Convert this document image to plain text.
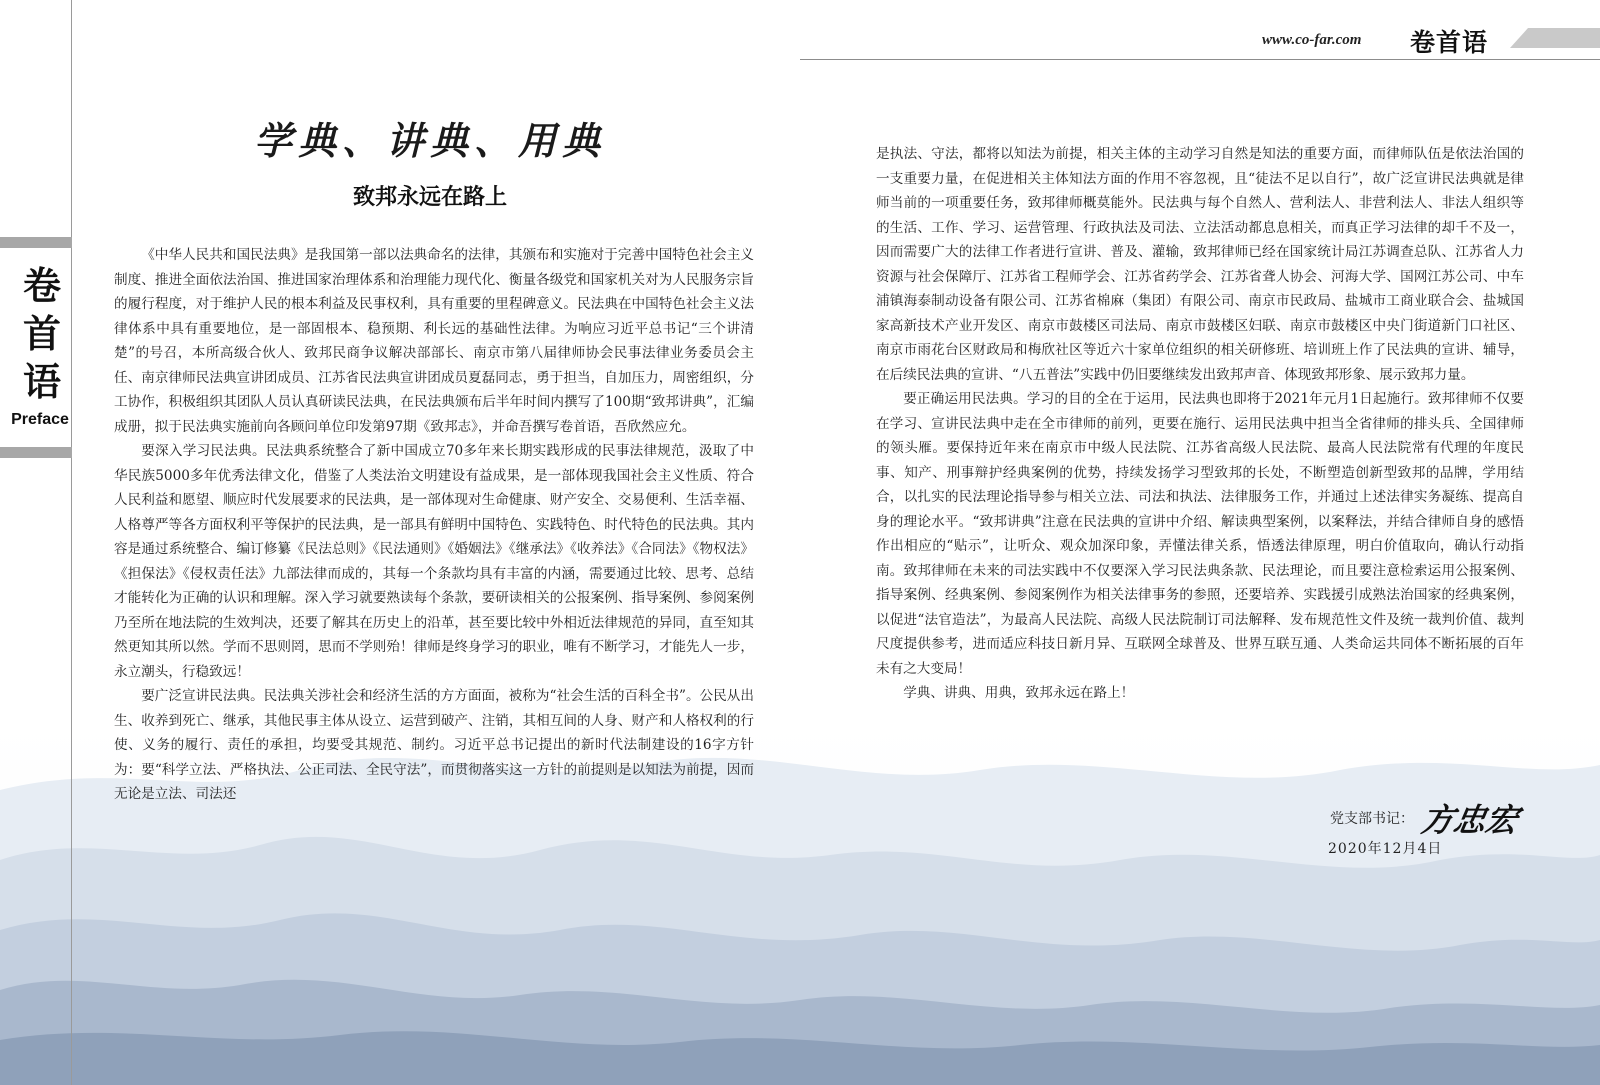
卷
首
语
Preface
www.co-far.com 卷首语
学典、讲典、用典
致邦永远在路上

《中华人民共和国民法典》是我国第一部以法典命名的法律，其颁布和实施对于完善中国特色社会主义制度、推进全面依法治国、推进国家治理体系和治理能力现代化、衡量各级党和国家机关对为人民服务宗旨的履行程度，对于维护人民的根本利益及民事权利，具有重要的里程碑意义。民法典在中国特色社会主义法律体系中具有重要地位，是一部固根本、稳预期、利长远的基础性法律。为响应习近平总书记“三个讲清楚”的号召，本所高级合伙人、致邦民商争议解决部部长、南京市第八届律师协会民事法律业务委员会主任、南京律师民法典宣讲团成员、江苏省民法典宣讲团成员夏磊同志，勇于担当，自加压力，周密组织，分工协作，积极组织其团队人员认真研读民法典，在民法典颁布后半年时间内撰写了100期“致邦讲典”，汇编成册，拟于民法典实施前向各顾问单位印发第97期《致邦志》，并命吾撰写卷首语，吾欣然应允。

要深入学习民法典。民法典系统整合了新中国成立70多年来长期实践形成的民事法律规范，汲取了中华民族5000多年优秀法律文化，借鉴了人类法治文明建设有益成果，是一部体现我国社会主义性质、符合人民利益和愿望、顺应时代发展要求的民法典，是一部体现对生命健康、财产安全、交易便利、生活幸福、人格尊严等各方面权利平等保护的民法典，是一部具有鲜明中国特色、实践特色、时代特色的民法典。其内容是通过系统整合、编订修纂《民法总则》《民法通则》《婚姻法》《继承法》《收养法》《合同法》《物权法》《担保法》《侵权责任法》九部法律而成的，其每一个条款均具有丰富的内涵，需要通过比较、思考、总结才能转化为正确的认识和理解。深入学习就要熟读每个条款，要研读相关的公报案例、指导案例、参阅案例乃至所在地法院的生效判决，还要了解其在历史上的沿革，甚至要比较中外相近法律规范的异同，直至知其然更知其所以然。学而不思则罔，思而不学则殆！律师是终身学习的职业，唯有不断学习，才能先人一步，永立潮头，行稳致远！

要广泛宣讲民法典。民法典关涉社会和经济生活的方方面面，被称为“社会生活的百科全书”。公民从出生、收养到死亡、继承，其他民事主体从设立、运营到破产、注销，其相互间的人身、财产和人格权利的行使、义务的履行、责任的承担，均要受其规范、制约。习近平总书记提出的新时代法制建设的16字方针为：要“科学立法、严格执法、公正司法、全民守法”，而贯彻落实这一方针的前提则是以知法为前提，因而无论是立法、司法还

是执法、守法，都将以知法为前提，相关主体的主动学习自然是知法的重要方面，而律师队伍是依法治国的一支重要力量，在促进相关主体知法方面的作用不容忽视，且“徒法不足以自行”，故广泛宣讲民法典就是律师当前的一项重要任务，致邦律师概莫能外。民法典与每个自然人、营利法人、非营利法人、非法人组织等的生活、工作、学习、运营管理、行政执法及司法、立法活动都息息相关，而真正学习法律的却千不及一，因而需要广大的法律工作者进行宣讲、普及、灌输，致邦律师已经在国家统计局江苏调查总队、江苏省人力资源与社会保障厅、江苏省工程师学会、江苏省药学会、江苏省聋人协会、河海大学、国网江苏公司、中车浦镇海泰制动设备有限公司、江苏省棉麻（集团）有限公司、南京市民政局、盐城市工商业联合会、盐城国家高新技术产业开发区、南京市鼓楼区司法局、南京市鼓楼区妇联、南京市鼓楼区中央门街道新门口社区、南京市雨花台区财政局和梅欣社区等近六十家单位组织的相关研修班、培训班上作了民法典的宣讲、辅导，在后续民法典的宣讲、“八五普法”实践中仍旧要继续发出致邦声音、体现致邦形象、展示致邦力量。

要正确运用民法典。学习的目的全在于运用，民法典也即将于2021年元月1日起施行。致邦律师不仅要在学习、宣讲民法典中走在全市律师的前列，更要在施行、运用民法典中担当全省律师的排头兵、全国律师的领头雁。要保持近年来在南京市中级人民法院、江苏省高级人民法院、最高人民法院常有代理的年度民事、知产、刑事辩护经典案例的优势，持续发扬学习型致邦的长处，不断塑造创新型致邦的品牌，学用结合，以扎实的民法理论指导参与相关立法、司法和执法、法律服务工作，并通过上述法律实务凝练、提高自身的理论水平。“致邦讲典”注意在民法典的宣讲中介绍、解读典型案例，以案释法，并结合律师自身的感悟作出相应的“贴示”，让听众、观众加深印象，弄懂法律关系，悟透法律原理，明白价值取向，确认行动指南。致邦律师在未来的司法实践中不仅要深入学习民法典条款、民法理论，而且要注意检索运用公报案例、指导案例、经典案例、参阅案例作为相关法律事务的参照，还要培养、实践援引成熟法治国家的经典案例，以促进“法官造法”，为最高人民法院、高级人民法院制订司法解释、发布规范性文件及统一裁判价值、裁判尺度提供参考，进而适应科技日新月异、互联网全球普及、世界互联互通、人类命运共同体不断拓展的百年未有之大变局！

学典、讲典、用典，致邦永远在路上！

党支部书记： 方忠宏
2020年12月4日
